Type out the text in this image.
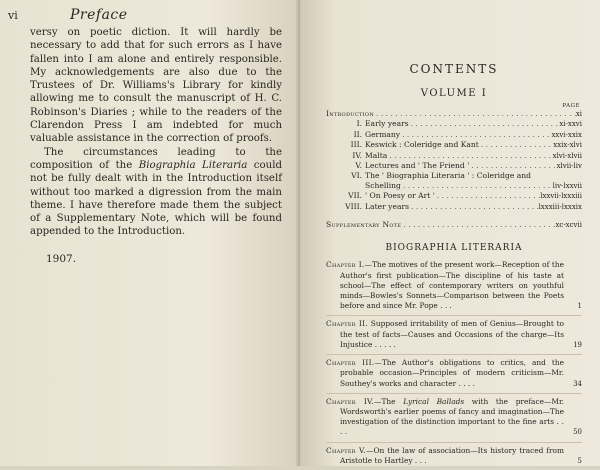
vi	Preface

versy on poetic diction. It will hardly be necessary to add that for such errors as I have fallen into I am alone and entirely responsible. My acknowledgements are also due to the Trustees of Dr. Williams's Library for kindly allowing me to consult the manuscript of H. C. Robinson's Diaries ; while to the readers of the Clarendon Press I am indebted for much valuable assistance in the correction of proofs.

The circumstances leading to the composition of the Biographia Literaria could not be fully dealt with in the Introduction itself without too marked a digression from the main theme. I have therefore made them the subject of a Supplementary Note, which will be found appended to the Introduction.

1907.
CONTENTS
VOLUME I
PAGE
Introduction . . .	xi
I. Early years . . .	xi-xxvi
II. Germany . . .	xxvi-xxix
III. Keswick : Coleridge and Kant . . .	xxix-xlvi
IV. Malta . . .	xlvi-xlvii
V. Lectures and ' The Friend ' . . .	xlvii-liv
VI. The ' Biographia Literaria ' : Coleridge and
Schelling . . .	liv-lxxvii
VII. ' On Poesy or Art ' . . .	lxxvii-lxxxiii
VIII. Later years . . .	lxxxiii-lxxxix
Supplementary Note . . .	xc-xcvii
BIOGRAPHIA LITERARIA
Chapter I.—The motives of the present work—Reception of the Author's first publication—The discipline of his taste at school—The effect of contemporary writers on youthful minds—Bowles's Sonnets—Comparison between the Poets before and since Mr. Pope . . .	1
Chapter II. Supposed irritability of men of Genius—Brought to the test of facts—Causes and Occasions of the charge—Its Injustice . . . . .	19
Chapter III.—The Author's obligations to critics, and the probable occasion—Principles of modern criticism—Mr. Southey's works and character . . . .	34
Chapter IV.—The Lyrical Ballads with the preface—Mr. Wordsworth's earlier poems of fancy and imagination—The investigation of the distinction important to the fine arts . . . .	50
Chapter V.—On the law of association—Its history traced from Aristotle to Hartley . . .	5
